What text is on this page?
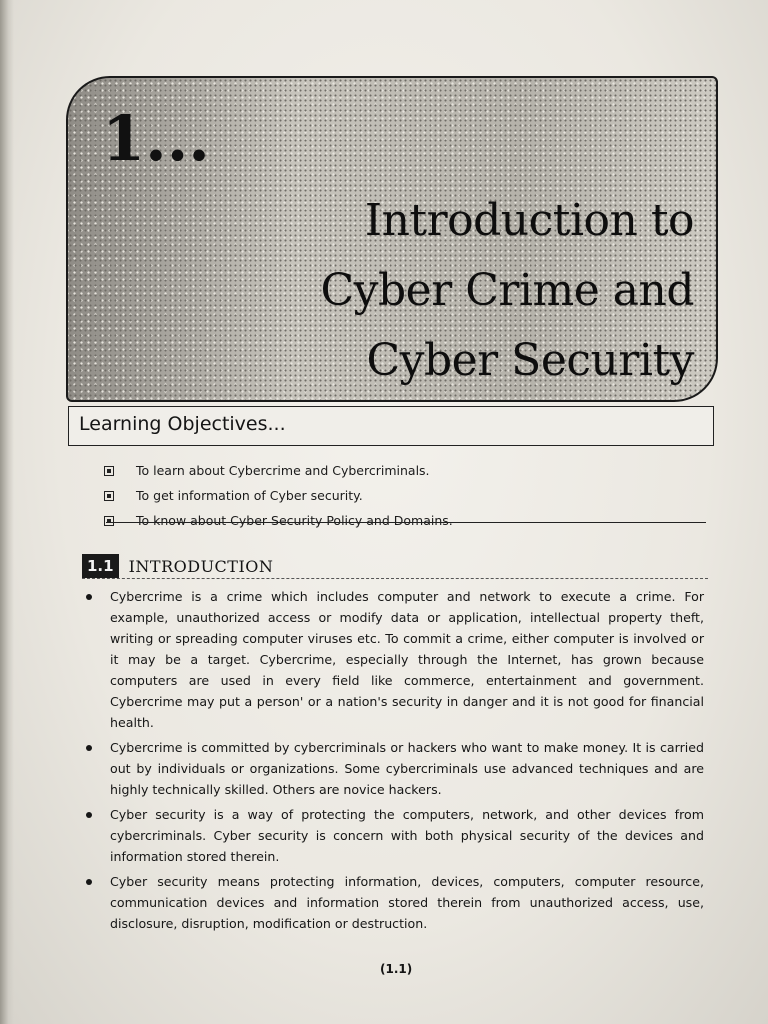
1...
Introduction to
Cyber Crime and
Cyber Security
Learning Objectives...
To learn about Cybercrime and Cybercriminals.
To get information of Cyber security.
To know about Cyber Security Policy and Domains.
1.1 INTRODUCTION
Cybercrime is a crime which includes computer and network to execute a crime. For example, unauthorized access or modify data or application, intellectual property theft, writing or spreading computer viruses etc. To commit a crime, either computer is involved or it may be a target. Cybercrime, especially through the Internet, has grown because computers are used in every field like commerce, entertainment and government. Cybercrime may put a person' or a nation's security in danger and it is not good for financial health.
Cybercrime is committed by cybercriminals or hackers who want to make money. It is carried out by individuals or organizations. Some cybercriminals use advanced techniques and are highly technically skilled. Others are novice hackers.
Cyber security is a way of protecting the computers, network, and other devices from cybercriminals. Cyber security is concern with both physical security of the devices and information stored therein.
Cyber security means protecting information, devices, computers, computer resource, communication devices and information stored therein from unauthorized access, use, disclosure, disruption, modification or destruction.
(1.1)
